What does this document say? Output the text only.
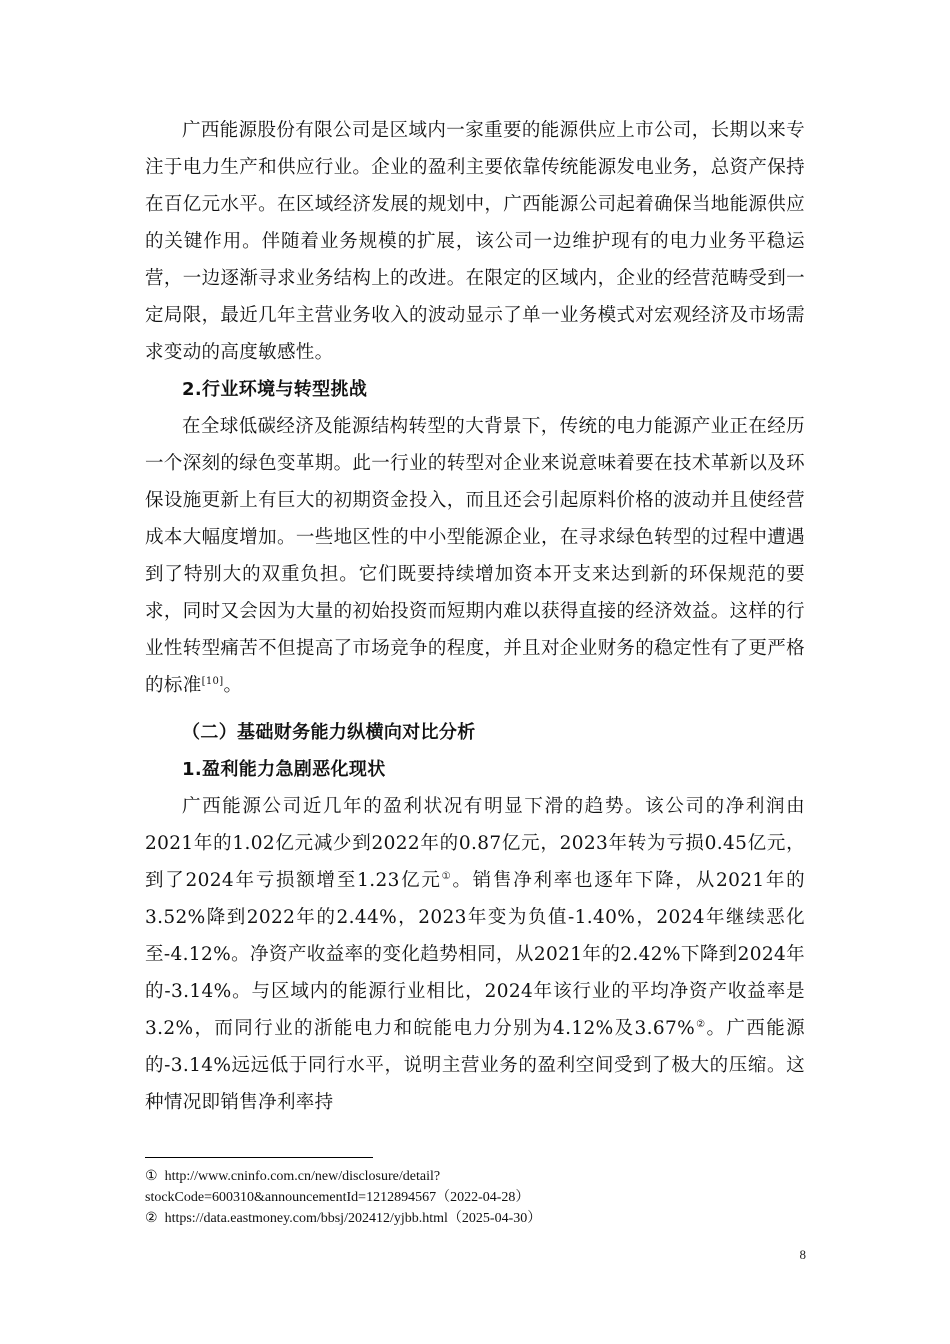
广西能源股份有限公司是区域内一家重要的能源供应上市公司，长期以来专注于电力生产和供应行业。企业的盈利主要依靠传统能源发电业务，总资产保持在百亿元水平。在区域经济发展的规划中，广西能源公司起着确保当地能源供应的关键作用。伴随着业务规模的扩展，该公司一边维护现有的电力业务平稳运营，一边逐渐寻求业务结构上的改进。在限定的区域内，企业的经营范畴受到一定局限，最近几年主营业务收入的波动显示了单一业务模式对宏观经济及市场需求变动的高度敏感性。

2.行业环境与转型挑战

在全球低碳经济及能源结构转型的大背景下，传统的电力能源产业正在经历一个深刻的绿色变革期。此一行业的转型对企业来说意味着要在技术革新以及环保设施更新上有巨大的初期资金投入，而且还会引起原料价格的波动并且使经营成本大幅度增加。一些地区性的中小型能源企业，在寻求绿色转型的过程中遭遇到了特别大的双重负担。它们既要持续增加资本开支来达到新的环保规范的要求，同时又会因为大量的初始投资而短期内难以获得直接的经济效益。这样的行业性转型痛苦不但提高了市场竞争的程度，并且对企业财务的稳定性有了更严格的标准[10]。

（二）基础财务能力纵横向对比分析

1.盈利能力急剧恶化现状

广西能源公司近几年的盈利状况有明显下滑的趋势。该公司的净利润由2021年的1.02亿元减少到2022年的0.87亿元，2023年转为亏损0.45亿元，到了2024年亏损额增至1.23亿元①。销售净利率也逐年下降，从2021年的3.52%降到2022年的2.44%，2023年变为负值-1.40%，2024年继续恶化至-4.12%。净资产收益率的变化趋势相同，从2021年的2.42%下降到2024年的-3.14%。与区域内的能源行业相比，2024年该行业的平均净资产收益率是3.2%，而同行业的浙能电力和皖能电力分别为4.12%及3.67%②。广西能源的-3.14%远远低于同行水平，说明主营业务的盈利空间受到了极大的压缩。这种情况即销售净利率持

① http://www.cninfo.com.cn/new/disclosure/detail?

stockCode=600310&announcementId=1212894567（2022-04-28）

② https://data.eastmoney.com/bbsj/202412/yjbb.html（2025-04-30）

8
